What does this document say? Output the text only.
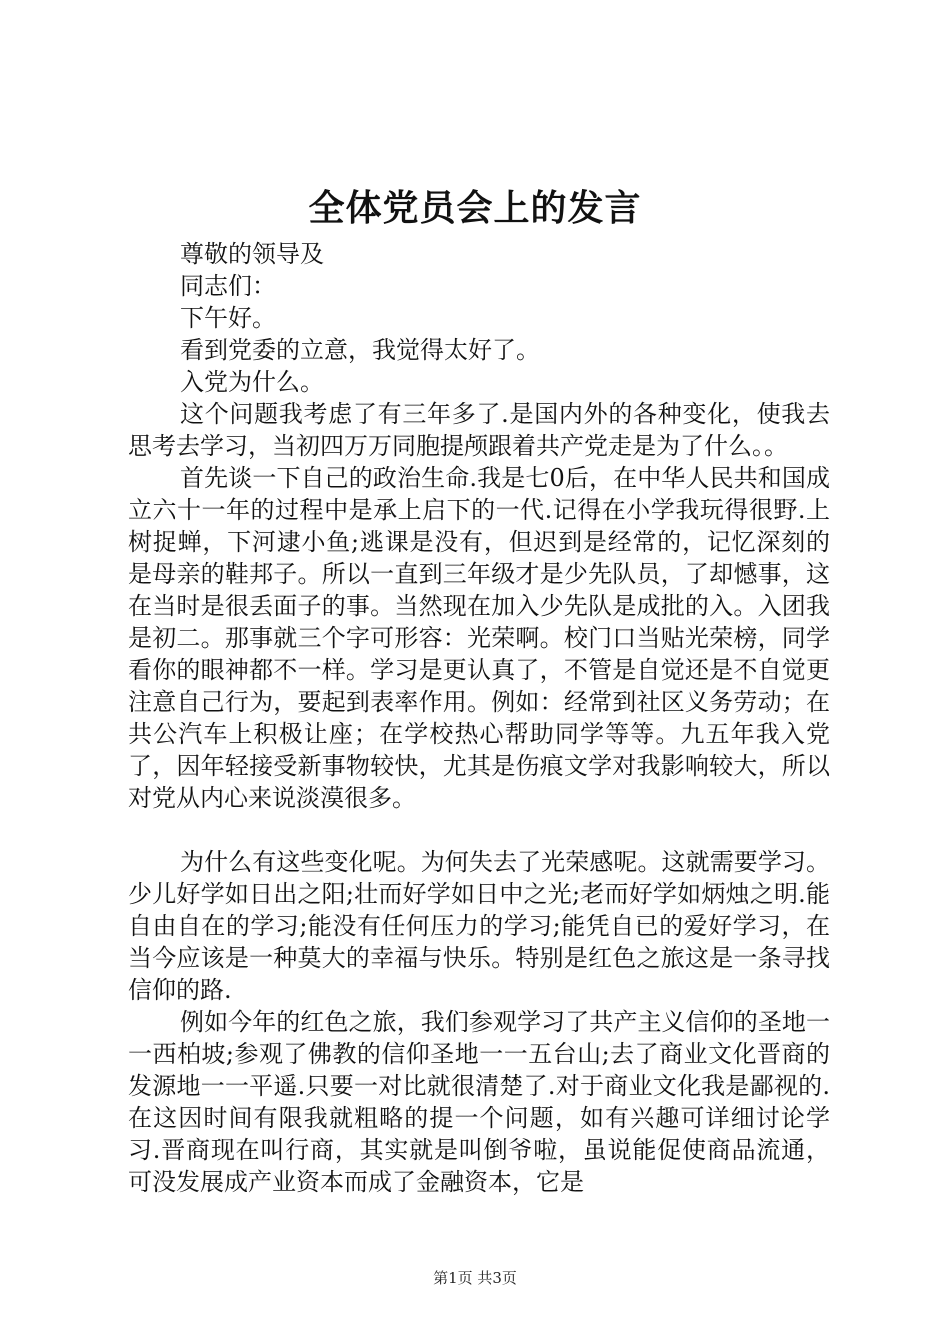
全体党员会上的发言

尊敬的领导及

同志们：

下午好。

看到党委的立意，我觉得太好了。

入党为什么。

这个问题我考虑了有三年多了.是国内外的各种变化，使我去思考去学习，当初四万万同胞提颅跟着共产党走是为了什么。。

首先谈一下自己的政治生命.我是七0后，在中华人民共和国成立六十一年的过程中是承上启下的一代.记得在小学我玩得很野.上树捉蝉，下河逮小鱼;逃课是没有，但迟到是经常的，记忆深刻的是母亲的鞋邦子。所以一直到三年级才是少先队员，了却憾事，这在当时是很丢面子的事。当然现在加入少先队是成批的入。入团我是初二。那事就三个字可形容：光荣啊。校门口当贴光荣榜，同学看你的眼神都不一样。学习是更认真了，不管是自觉还是不自觉更注意自己行为，要起到表率作用。例如：经常到社区义务劳动；在共公汽车上积极让座；在学校热心帮助同学等等。九五年我入党了，因年轻接受新事物较快，尤其是伤痕文学对我影响较大，所以对党从内心来说淡漠很多。

为什么有这些变化呢。为何失去了光荣感呢。这就需要学习。少儿好学如日出之阳;壮而好学如日中之光;老而好学如炳烛之明.能自由自在的学习;能没有任何压力的学习;能凭自已的爱好学习，在当今应该是一种莫大的幸福与快乐。特别是红色之旅这是一条寻找信仰的路.

例如今年的红色之旅，我们参观学习了共产主义信仰的圣地一一西柏坡;参观了佛教的信仰圣地一一五台山;去了商业文化晋商的发源地一一平遥.只要一对比就很清楚了.对于商业文化我是鄙视的.在这因时间有限我就粗略的提一个问题，如有兴趣可详细讨论学习.晋商现在叫行商，其实就是叫倒爷啦，虽说能促使商品流通，可没发展成产业资本而成了金融资本，它是

第1页 共3页
